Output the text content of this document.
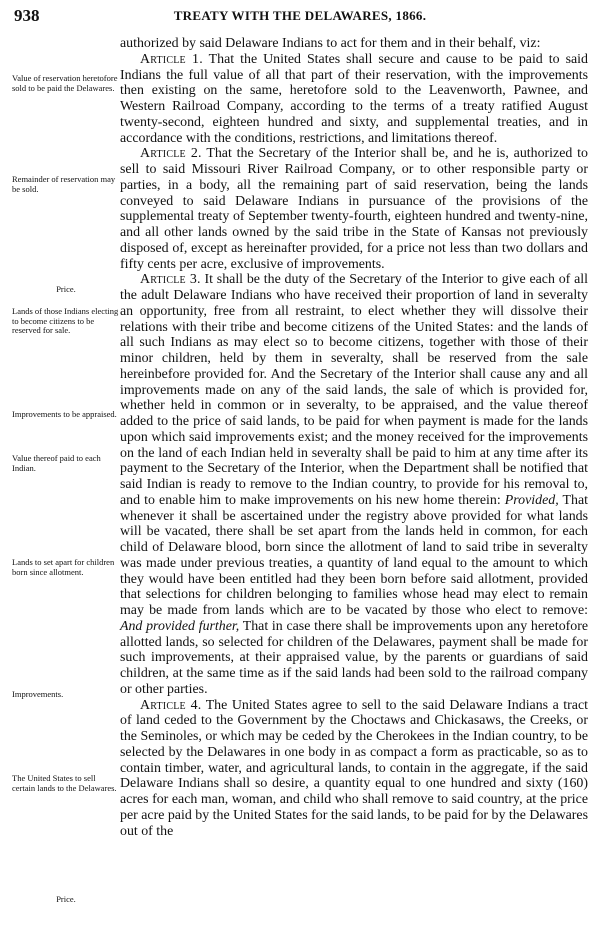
938	TREATY WITH THE DELAWARES, 1866.
Value of reservation heretofore sold to be paid the Delawares.
Remainder of reservation may be sold.
Price.
Lands of those Indians electing to become citizens to be reserved for sale.
Improvements to be appraised.
Value thereof paid to each Indian.
Lands to set apart for children born since allotment.
Improvements.
The United States to sell certain lands to the Delawares.
Price.

authorized by said Delaware Indians to act for them and in their behalf, viz:

Article 1. That the United States shall secure and cause to be paid to said Indians the full value of all that part of their reservation, with the improvements then existing on the same, heretofore sold to the Leavenworth, Pawnee, and Western Railroad Company, according to the terms of a treaty ratified August twenty-second, eighteen hundred and sixty, and supplemental treaties, and in accordance with the conditions, restrictions, and limitations thereof.

Article 2. That the Secretary of the Interior shall be, and he is, authorized to sell to said Missouri River Railroad Company, or to other responsible party or parties, in a body, all the remaining part of said reservation, being the lands conveyed to said Delaware Indians in pursuance of the provisions of the supplemental treaty of September twenty-fourth, eighteen hundred and twenty-nine, and all other lands owned by the said tribe in the State of Kansas not previously disposed of, except as hereinafter provided, for a price not less than two dollars and fifty cents per acre, exclusive of improvements.

Article 3. It shall be the duty of the Secretary of the Interior to give each of all the adult Delaware Indians who have received their proportion of land in severalty an opportunity, free from all restraint, to elect whether they will dissolve their relations with their tribe and become citizens of the United States: and the lands of all such Indians as may elect so to become citizens, together with those of their minor children, held by them in severalty, shall be reserved from the sale hereinbefore provided for. And the Secretary of the Interior shall cause any and all improvements made on any of the said lands, the sale of which is provided for, whether held in common or in severalty, to be appraised, and the value thereof added to the price of said lands, to be paid for when payment is made for the lands upon which said improvements exist; and the money received for the improvements on the land of each Indian held in severalty shall be paid to him at any time after its payment to the Secretary of the Interior, when the Department shall be notified that said Indian is ready to remove to the Indian country, to provide for his removal to, and to enable him to make improvements on his new home therein: Provided, That whenever it shall be ascertained under the registry above provided for what lands will be vacated, there shall be set apart from the lands held in common, for each child of Delaware blood, born since the allotment of land to said tribe in severalty was made under previous treaties, a quantity of land equal to the amount to which they would have been entitled had they been born before said allotment, provided that selections for children belonging to families whose head may elect to remain may be made from lands which are to be vacated by those who elect to remove: And provided further, That in case there shall be improvements upon any heretofore allotted lands, so selected for children of the Delawares, payment shall be made for such improvements, at their appraised value, by the parents or guardians of said children, at the same time as if the said lands had been sold to the railroad company or other parties.

Article 4. The United States agree to sell to the said Delaware Indians a tract of land ceded to the Government by the Choctaws and Chickasaws, the Creeks, or the Seminoles, or which may be ceded by the Cherokees in the Indian country, to be selected by the Delawares in one body in as compact a form as practicable, so as to contain timber, water, and agricultural lands, to contain in the aggregate, if the said Delaware Indians shall so desire, a quantity equal to one hundred and sixty (160) acres for each man, woman, and child who shall remove to said country, at the price per acre paid by the United States for the said lands, to be paid for by the Delawares out of the
